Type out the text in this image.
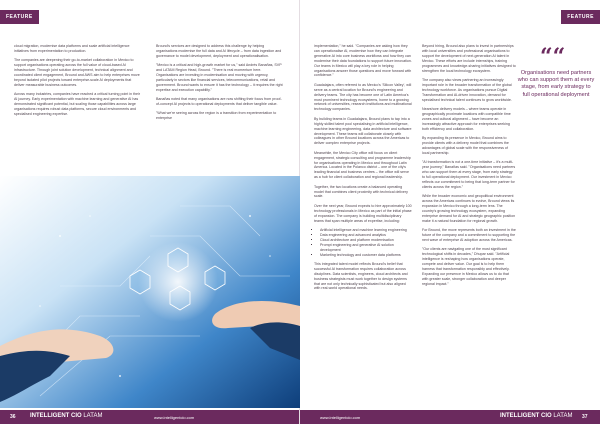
FEATURE

cloud migration, modernise data platforms and scale artificial intelligence initiatives from experimentation to production.

The companies are deepening their go-to-market collaboration in Mexico to support organisations operating across the full value of cloud-based AI infrastructure. Through joint solution development, technical alignment and coordinated client engagement, Bround and AWS aim to help enterprises move beyond isolated pilot projects toward enterprise-scale AI deployments that deliver measurable business outcomes.

Across many industries, companies have reached a critical turning point in their AI journey. Early experimentation with machine learning and generative AI has demonstrated significant potential, but scaling those capabilities across large organisations requires robust data platforms, secure cloud environments and specialised engineering expertise.

Bround's services are designed to address this challenge by helping organisations modernise the full data and AI lifecycle – from data ingestion and governance to model development, deployment and operationalisation.

"Mexico is a critical and high-growth market for us," said Andrés Banañas, SVP and LATAM Region Head, Bround. "There is real momentum here. Organisations are investing in modernisation and moving with urgency, particularly in sectors like financial services, telecommunications, retail and government. Bround wants to ensure it has the technology – it requires the right expertise and execution capability."

Banañas noted that many organisations are now shifting their focus from proof-of-concept AI projects to operational deployments that deliver tangible value.

"What we're seeing across the region is a transition from experimentation to enterprise

36 INTELLIGENT CIO LATAM	www.intelligentcio.com
FEATURE

implementation," he said. "Companies are asking how they can operationalise AI, modernise how they can integrate generative AI into core business workflows and how they can modernise their data foundations to support future innovation. Our teams in Mexico will play a key role in helping organisations answer those questions and move forward with confidence."

Guadalajara, often referred to as Mexico's 'Silicon Valley', will serve as a central location for Bround's engineering and delivery teams. The city has become one of Latin America's most prominent technology ecosystems, home to a growing network of universities, research institutions and multinational technology companies.

By building teams in Guadalajara, Bround plans to tap into a highly skilled talent pool specialising in artificial intelligence, machine learning engineering, data architecture and software development. These teams will collaborate closely with colleagues in other Bround locations across the Americas to deliver complex enterprise projects.

Meanwhile, the Mexico City office will focus on client engagement, strategic consulting and programme leadership for organisations operating in Mexico and throughout Latin America. Located in the Polanco district – one of the city's leading financial and business centres – the office will serve as a hub for client collaboration and regional leadership.

Together, the two locations create a balanced operating model that combines client proximity with technical delivery scale.

Over the next year, Bround expects to hire approximately 100 technology professionals in Mexico as part of the initial phase of expansion. The company is building multidisciplinary teams that span multiple areas of expertise, including:

▪ Artificial intelligence and machine learning engineering
▪ Data engineering and advanced analytics
▪ Cloud architecture and platform modernisation
▪ Prompt engineering and generative AI solution development
▪ Marketing technology and customer data platforms

This integrated talent model reflects Bround's belief that successful AI transformation requires collaboration across disciplines. Data scientists, engineers, cloud architects and business strategists must work together to design systems that are not only technically sophisticated but also aligned with real-world operational needs.

Beyond hiring, Bround also plans to invest in partnerships with local universities and professional organisations to support the development of next-generation AI talent in Mexico. These efforts are include internships, training programmes and knowledge-sharing initiatives designed to strengthen the local technology ecosystem.

The company also views partnering an increasingly important role in the broader transformation of the global technology workforce. As organisations pursue Digital Transformation and AI-driven innovation, demand for specialised technical talent continues to grow worldwide.

Nearshore delivery models – where teams operate in geographically proximate locations with compatible time zones and cultural alignment – have become an increasingly attractive approach for enterprises seeking both efficiency and collaboration.

By expanding its presence in Mexico, Bround aims to provide clients with a delivery model that combines the advantages of global scale with the responsiveness of local partnership.

"AI transformation is not a one-time initiative – it's a multi-year journey," Banañas said. "Organisations need partners who can support them at every stage, from early strategy to full operational deployment. Our investment in Mexico reflects our commitment to being that long-term partner for clients across the region."

While the broader economic and geopolitical environment across the Americas continues to evolve, Bround views its expansion in Mexico through a long-term lens. The country's growing technology ecosystem, expanding enterprise demand for AI and strategic geographic position make it a natural foundation for regional growth.

For Bround, the move represents both an investment in the future of the company and a commitment to supporting the next wave of enterprise AI adoption across the Americas.

"Our clients are navigating one of the most significant technological shifts in decades," Dhupar said. "Artificial intelligence is reshaping how organisations operate, compete and deliver value. Our goal is to help them harness that transformation responsibly and effectively. Expanding our presence in Mexico allows us to do that with greater scale, stronger collaboration and deeper regional impact."

www.intelligentcio.com	INTELLIGENT CIO LATAM 37
““
Organisations need partners who can support them at every stage, from early strategy to full operational deployment
